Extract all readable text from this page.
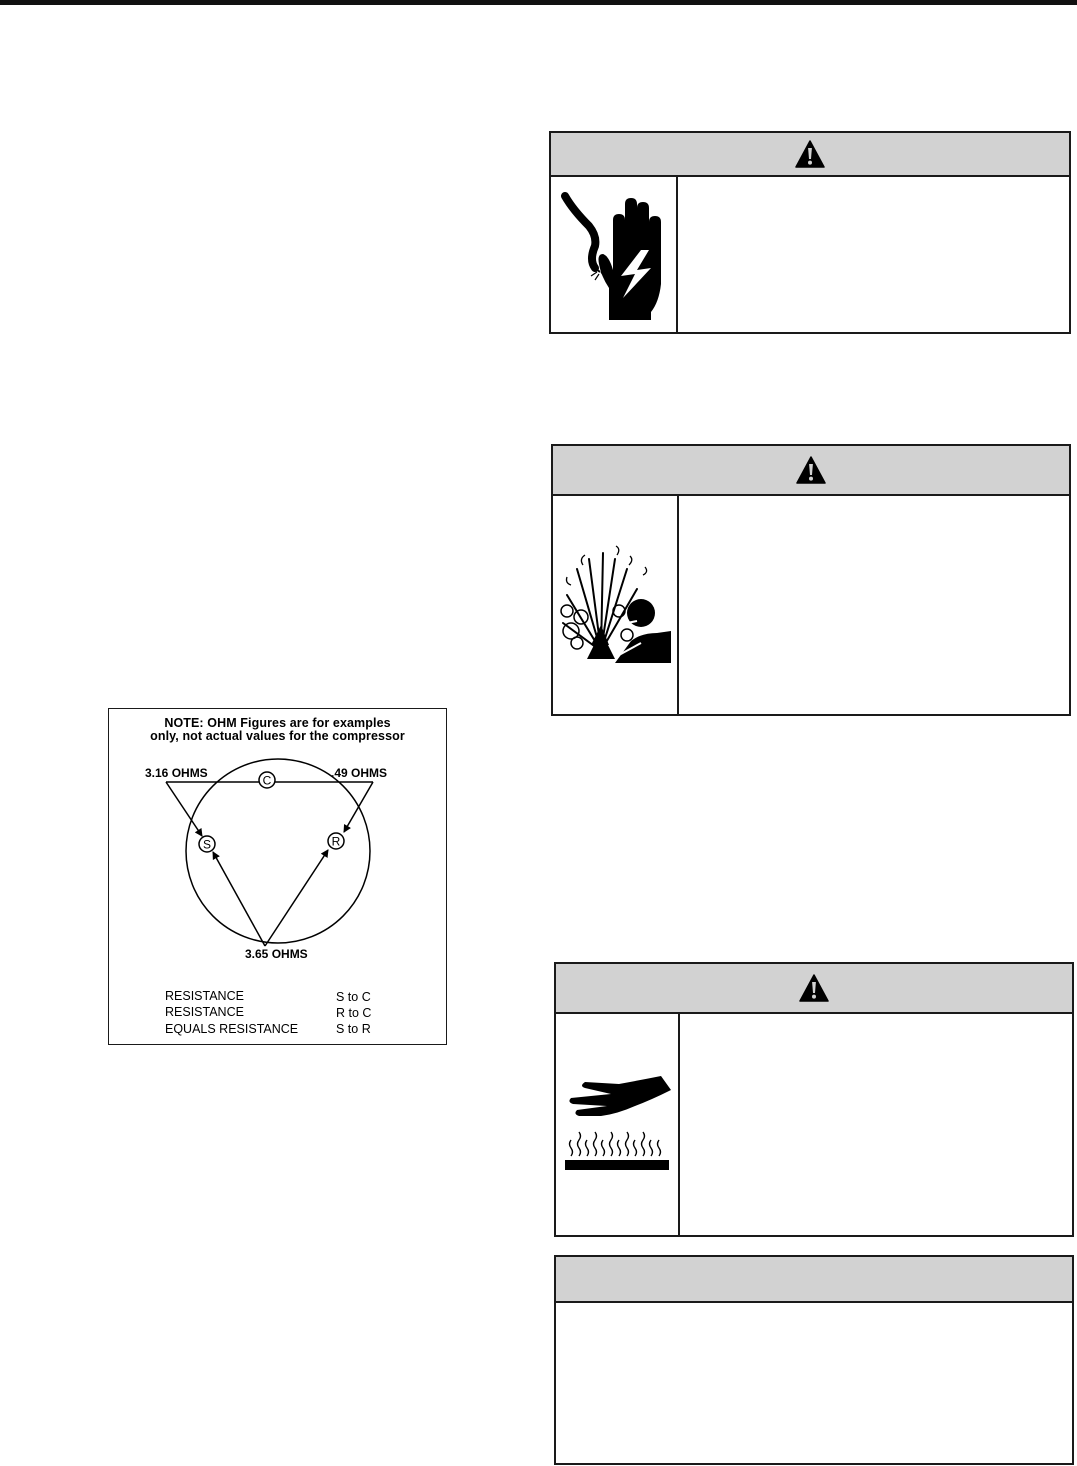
C
S	R
NOTE: OHM Figures are for examples
only, not actual values for the compressor
3.16 OHMS	.49 OHMS
3.65 OHMS
RESISTANCE	S to C
RESISTANCE	R to C
EQUALS RESISTANCE	S to R
